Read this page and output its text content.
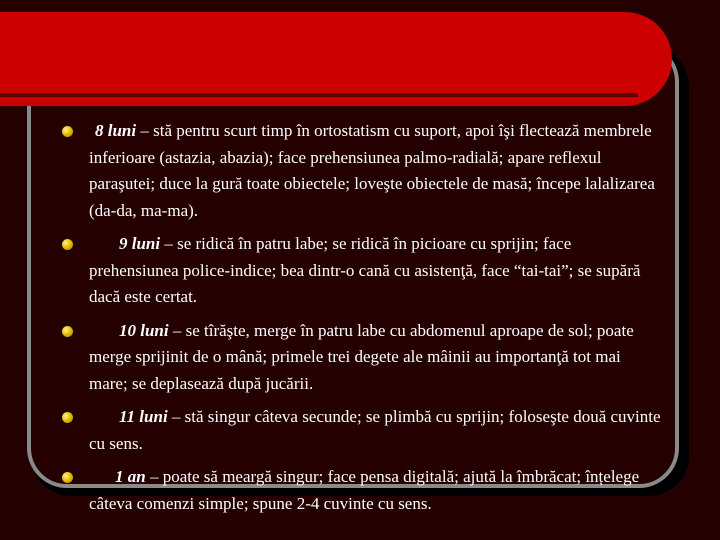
8 luni – stă pentru scurt timp în ortostatism cu suport, apoi îşi flectează membrele inferioare (astazia, abazia); face prehensiunea palmo-radială; apare reflexul paraşutei; duce la gură toate obiectele; loveşte obiectele de masă; începe lalalizarea (da-da, ma-ma).
9 luni – se ridică în patru labe; se ridică în picioare cu sprijin; face prehensiunea police-indice; bea dintr-o cană cu asistenţă, face “tai-tai”; se supără dacă este certat.
10 luni – se tîrăşte, merge în patru labe cu abdomenul aproape de sol; poate merge sprijinit de o mână; primele trei degete ale mâinii au importanţă tot mai mare; se deplasează după jucării.
11 luni – stă singur câteva secunde; se plimbă cu sprijin; foloseşte două cuvinte cu sens.
1 an – poate să meargă singur; face pensa digitală; ajută la îmbrăcat; înțelege câteva comenzi simple; spune 2-4 cuvinte cu sens.
